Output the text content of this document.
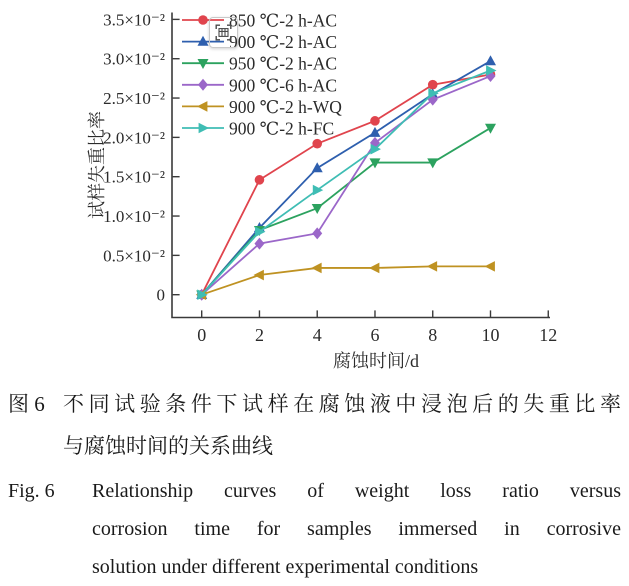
0
0.5×10⁻²
1.0×10⁻²
1.5×10⁻²
2.0×10⁻²
2.5×10⁻²
3.0×10⁻²
3.5×10⁻²
0	2	4	6	8 10 12
腐蚀时间/d
试样失重比率
850 ℃-2 h-AC
900 ℃-2 h-AC
950 ℃-2 h-AC
900 ℃-6 h-AC
900 ℃-2 h-WQ
900 ℃-2 h-FC
图 6 不同试验条件下试样在腐蚀液中浸泡后的失重比率
与腐蚀时间的关系曲线
Fig. 6	Relationship curves of weight loss ratio versus
corrosion time for samples immersed in corrosive
solution under different experimental conditions
